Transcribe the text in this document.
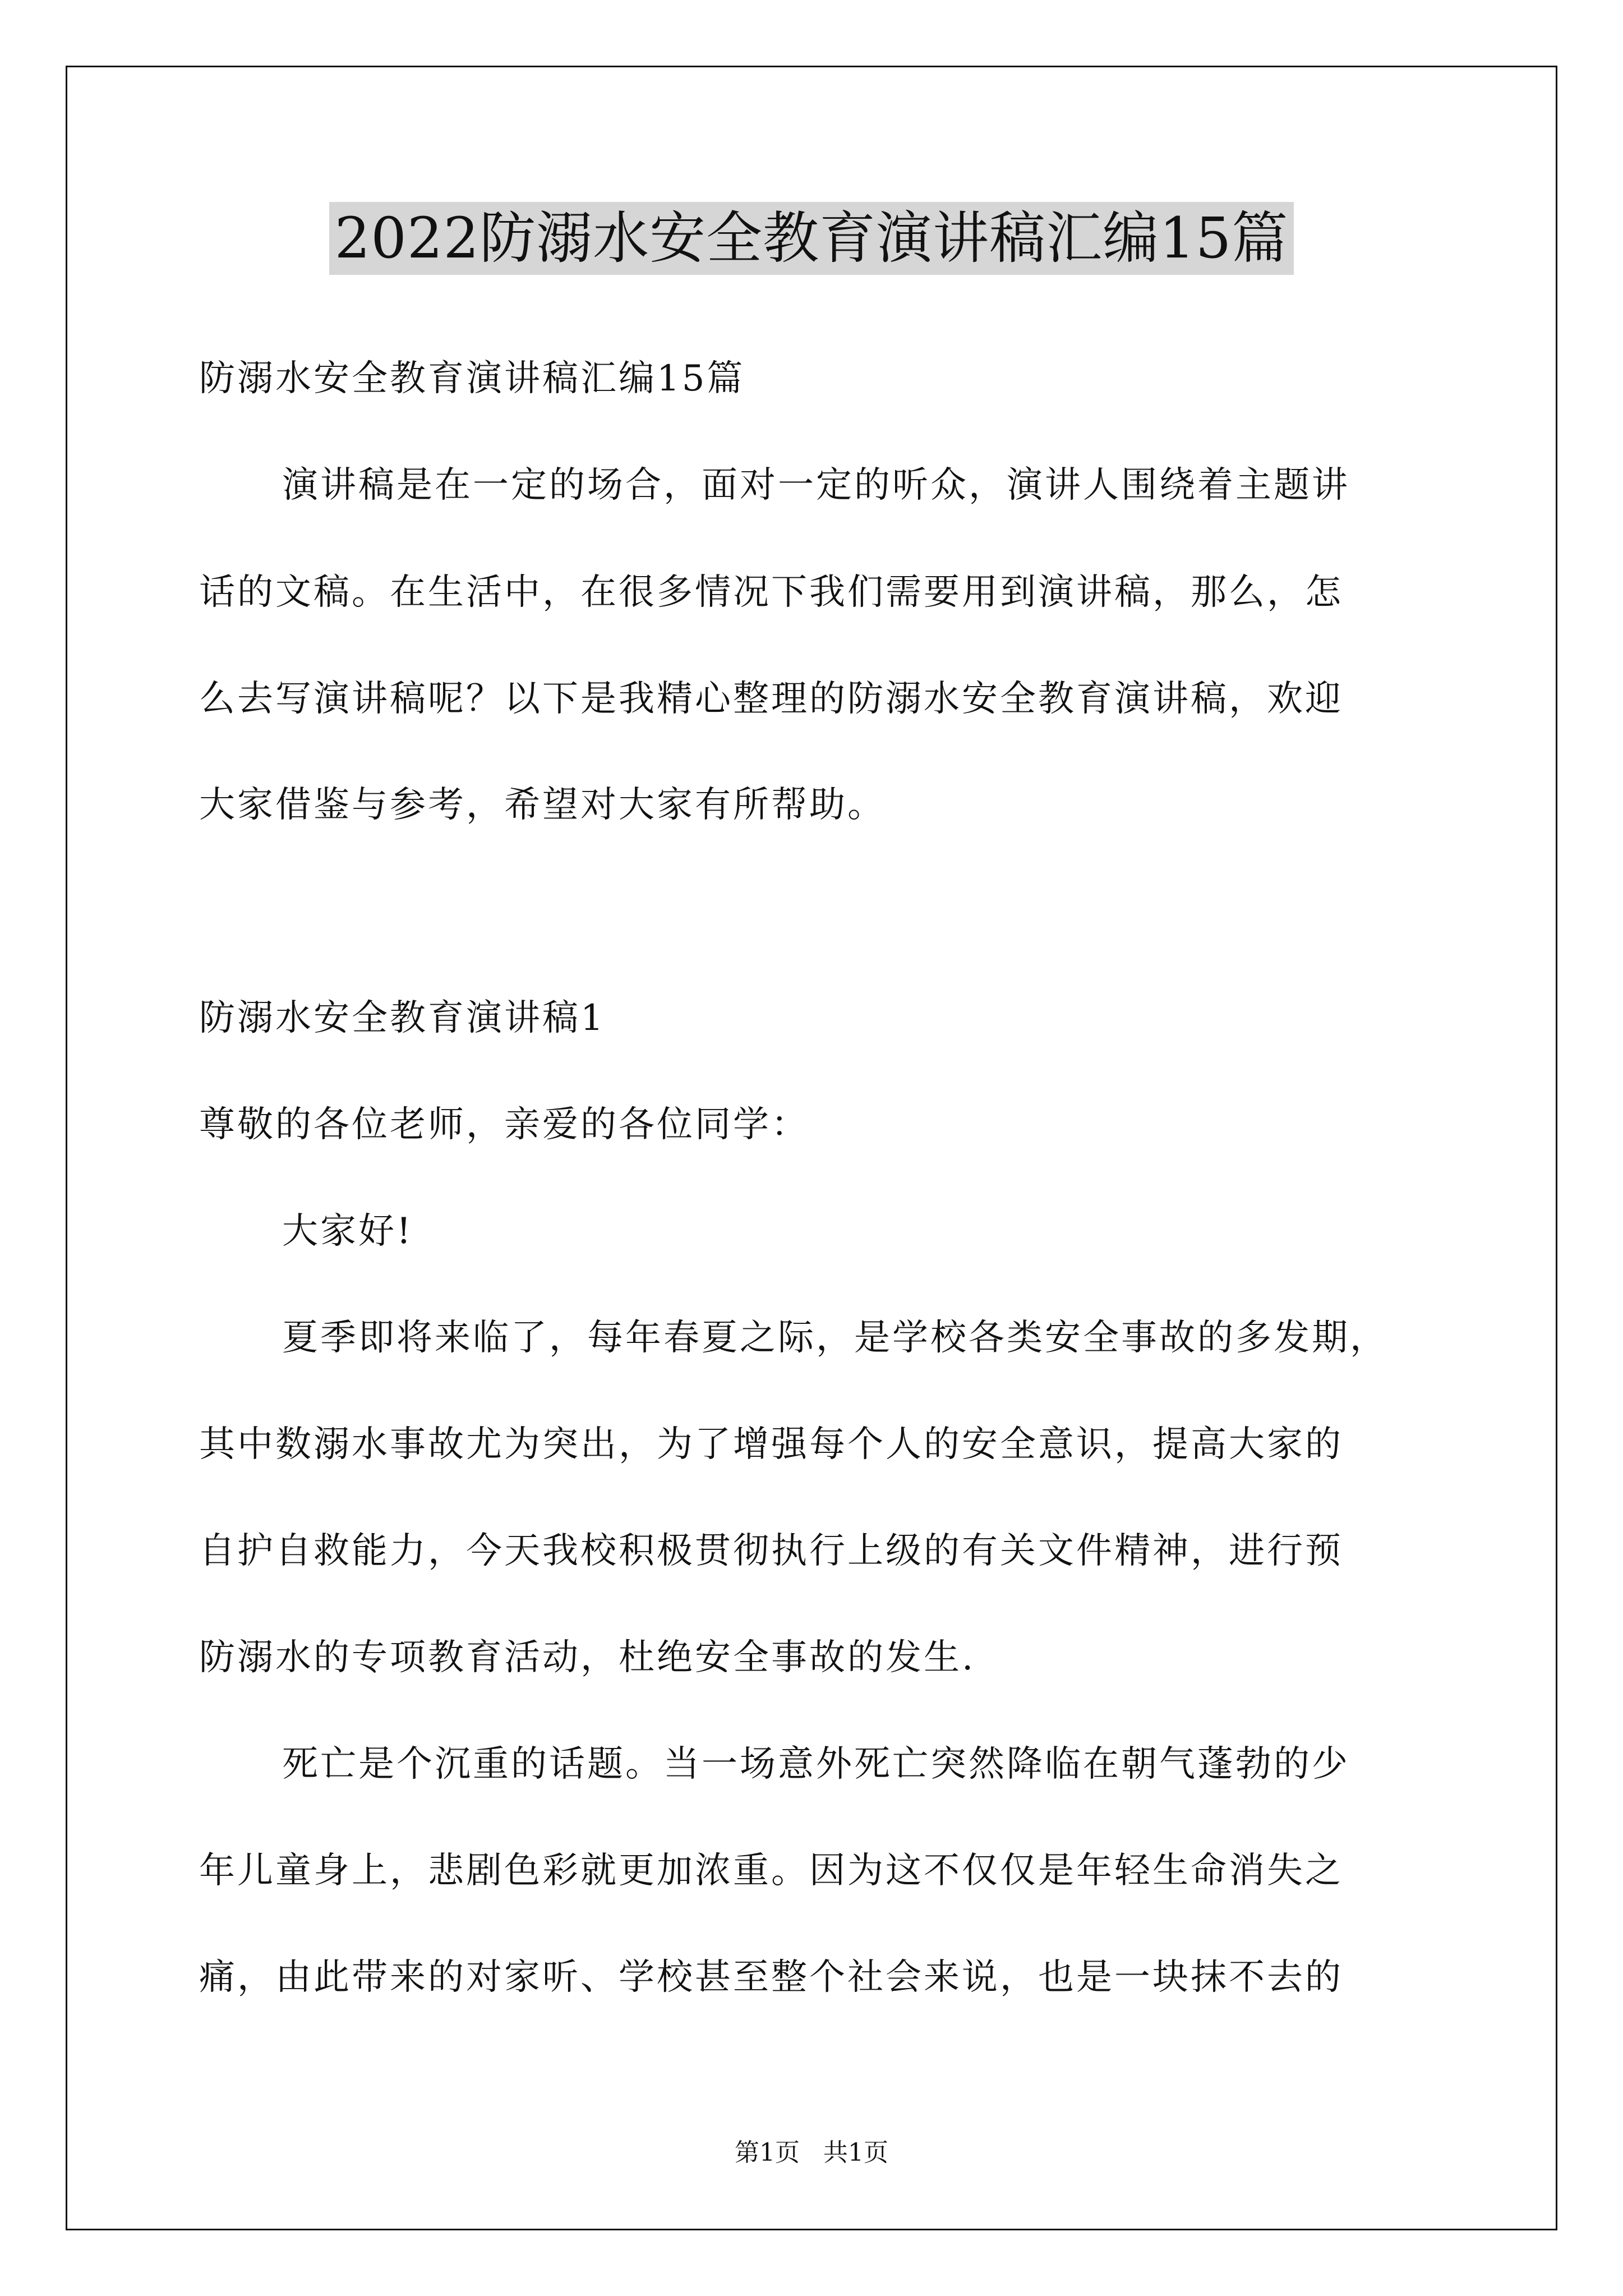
2022防溺水安全教育演讲稿汇编15篇
防溺水安全教育演讲稿汇编15篇
演讲稿是在一定的场合，面对一定的听众，演讲人围绕着主题讲
话的文稿。在生活中，在很多情况下我们需要用到演讲稿，那么，怎
么去写演讲稿呢？以下是我精心整理的防溺水安全教育演讲稿，欢迎
大家借鉴与参考，希望对大家有所帮助。
防溺水安全教育演讲稿1
尊敬的各位老师，亲爱的各位同学：
大家好!
夏季即将来临了，每年春夏之际，是学校各类安全事故的多发期，
其中数溺水事故尤为突出，为了增强每个人的安全意识，提高大家的
自护自救能力，今天我校积极贯彻执行上级的有关文件精神，进行预
防溺水的专项教育活动，杜绝安全事故的发生.
死亡是个沉重的话题。当一场意外死亡突然降临在朝气蓬勃的少
年儿童身上，悲剧色彩就更加浓重。因为这不仅仅是年轻生命消失之
痛，由此带来的对家听、学校甚至整个社会来说，也是一块抹不去的
第1页   共1页
